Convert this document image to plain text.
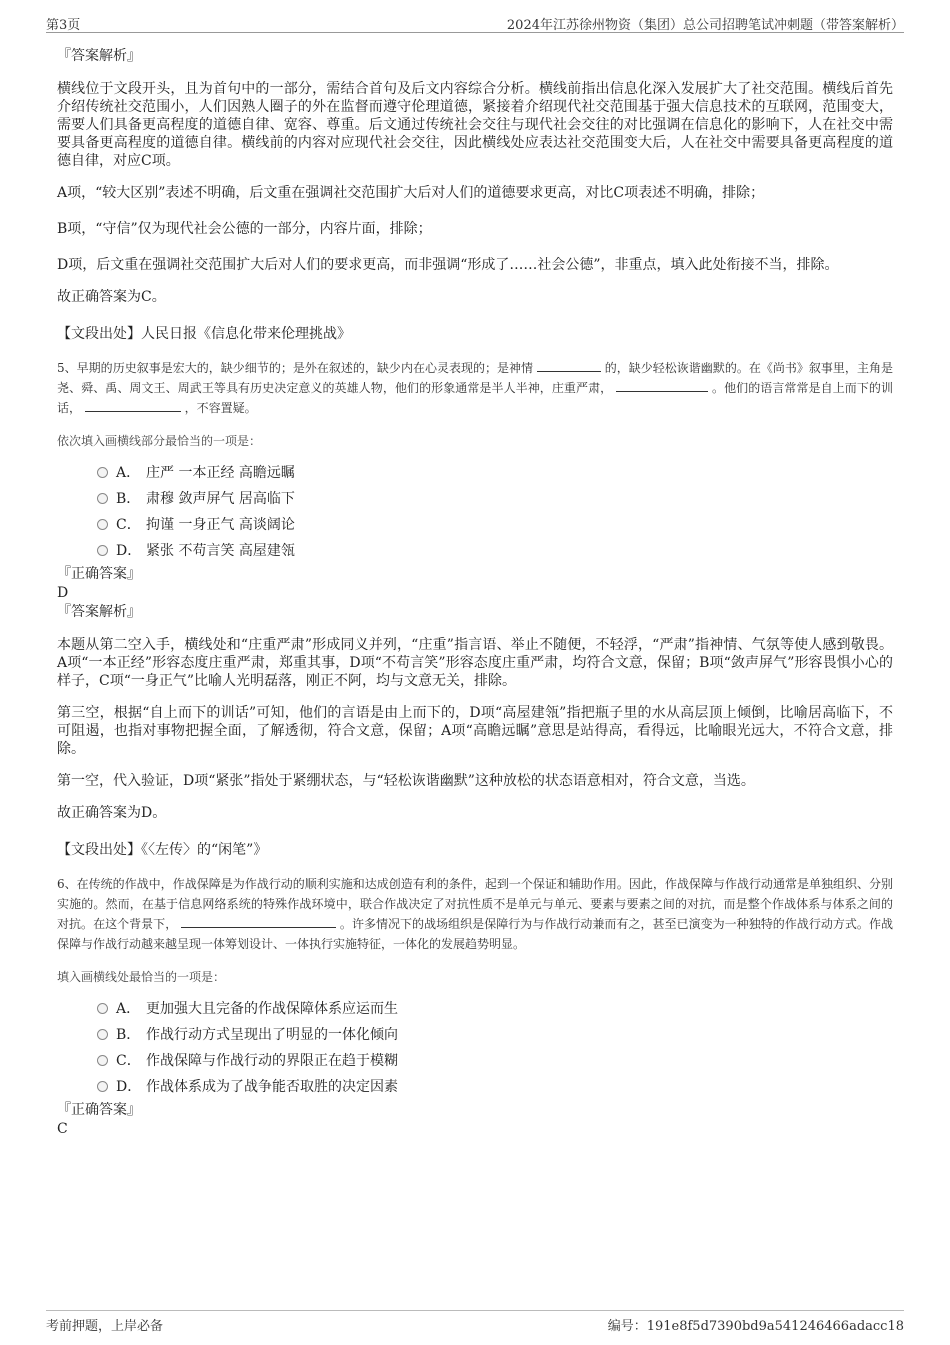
第3页	2024年江苏徐州物资（集团）总公司招聘笔试冲刺题（带答案解析）

『答案解析』

横线位于文段开头，且为首句中的一部分，需结合首句及后文内容综合分析。横线前指出信息化深入发展扩大了社交范围。横线后首先介绍传统社交范围小，人们因熟人圈子的外在监督而遵守伦理道德，紧接着介绍现代社交范围基于强大信息技术的互联网，范围变大，需要人们具备更高程度的道德自律、宽容、尊重。后文通过传统社会交往与现代社会交往的对比强调在信息化的影响下，人在社交中需要具备更高程度的道德自律。横线前的内容对应现代社会交往，因此横线处应表达社交范围变大后，人在社交中需要具备更高程度的道德自律，对应C项。

A项，“较大区别”表述不明确，后文重在强调社交范围扩大后对人们的道德要求更高，对比C项表述不明确，排除；

B项，“守信”仅为现代社会公德的一部分，内容片面，排除；

D项，后文重在强调社交范围扩大后对人们的要求更高，而非强调“形成了……社会公德”，非重点，填入此处衔接不当，排除。

故正确答案为C。

【文段出处】人民日报《信息化带来伦理挑战》

5、早期的历史叙事是宏大的，缺少细节的；是外在叙述的，缺少内在心灵表现的；是神情	的，缺少轻松诙谐幽默的。在《尚书》叙事里，主角是尧、舜、禹、周文王、周武王等具有历史决定意义的英雄人物，他们的形象通常是半人半神，庄重严肃，	。他们的语言常常是自上而下的训话，	，不容置疑。

依次填入画横线部分最恰当的一项是：

A． 庄严 一本正经 高瞻远瞩
B． 肃穆 敛声屏气 居高临下
C． 拘谨 一身正气 高谈阔论
D． 紧张 不苟言笑 高屋建瓴

『正确答案』

D

『答案解析』

本题从第二空入手，横线处和“庄重严肃”形成同义并列，“庄重”指言语、举止不随便，不轻浮，“严肃”指神情、气氛等使人感到敬畏。A项“一本正经”形容态度庄重严肃，郑重其事，D项“不苟言笑”形容态度庄重严肃，均符合文意，保留；B项“敛声屏气”形容畏惧小心的样子，C项“一身正气”比喻人光明磊落，刚正不阿，均与文意无关，排除。

第三空，根据“自上而下的训话”可知，他们的言语是由上而下的，D项“高屋建瓴”指把瓶子里的水从高层顶上倾倒，比喻居高临下，不可阻遏，也指对事物把握全面，了解透彻，符合文意，保留；A项“高瞻远瞩”意思是站得高，看得远，比喻眼光远大，不符合文意，排除。

第一空，代入验证，D项“紧张”指处于紧绷状态，与“轻松诙谐幽默”这种放松的状态语意相对，符合文意，当选。

故正确答案为D。

【文段出处】《〈左传〉的“闲笔”》

6、在传统的作战中，作战保障是为作战行动的顺利实施和达成创造有利的条件，起到一个保证和辅助作用。因此，作战保障与作战行动通常是单独组织、分别实施的。然而，在基于信息网络系统的特殊作战环境中，联合作战决定了对抗性质不是单元与单元、要素与要素之间的对抗，而是整个作战体系与体系之间的对抗。在这个背景下，	。许多情况下的战场组织是保障行为与作战行动兼而有之，甚至已演变为一种独特的作战行动方式。作战保障与作战行动越来越呈现一体筹划设计、一体执行实施特征，一体化的发展趋势明显。

填入画横线处最恰当的一项是：

A． 更加强大且完备的作战保障体系应运而生
B． 作战行动方式呈现出了明显的一体化倾向
C． 作战保障与作战行动的界限正在趋于模糊
D． 作战体系成为了战争能否取胜的决定因素

『正确答案』

C

考前押题，上岸必备	编号：191e8f5d7390bd9a541246466adacc18
